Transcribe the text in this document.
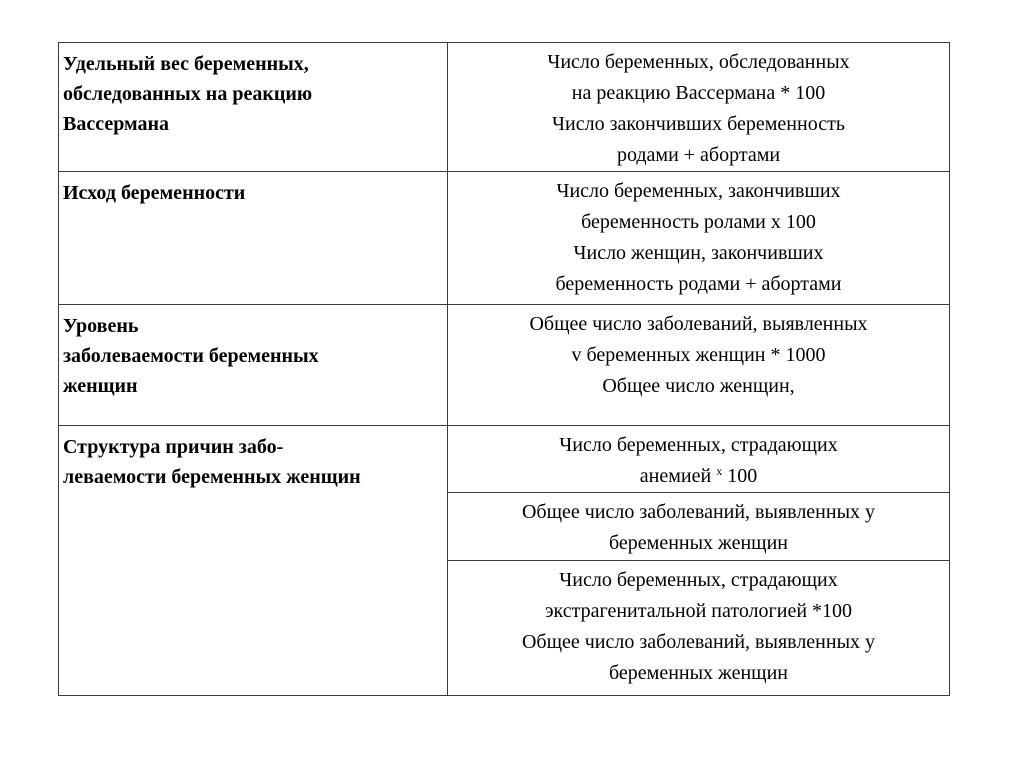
Удельный вес беременных,
обследованных на реакцию
Вассермана	Число беременных, обследованных
на реакцию Вассермана * 100
Число закончивших беременность
родами + абортами

Исход беременности	Число беременных, закончивших
беременность ролами х 100
Число женщин, закончивших
беременность родами + абортами

Уровень
заболеваемости беременных
женщин	Общее число заболеваний, выявленных
v беременных женщин * 1000
Общее число женщин,

Структура причин забо-
леваемости беременных женщин	Число беременных, страдающих
анемией $^х$ 100

	Общее число заболеваний, выявленных у
беременных женщин

	Число беременных, страдающих
экстрагенитальной патологией *100
Общее число заболеваний, выявленных у
беременных женщин
